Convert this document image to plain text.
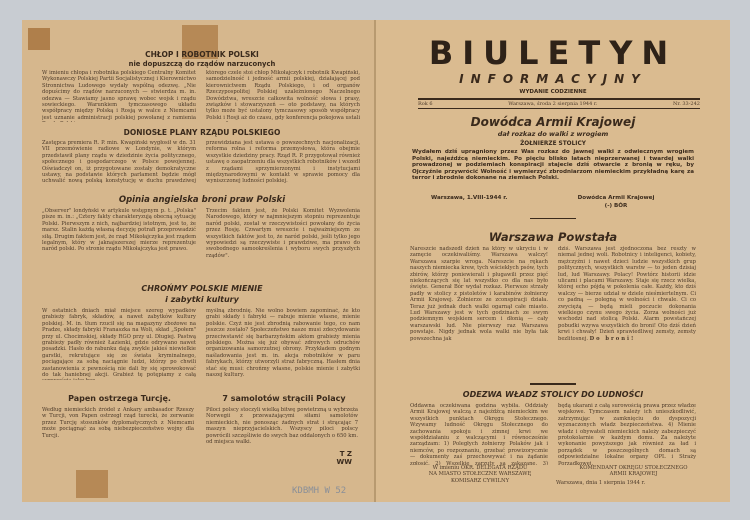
CHŁOP I ROBOTNIK POLSKI
nie dopuszczą do rządów narzuconych
W imieniu chłopa i robotnika polskiego Centralny Komitet Wykonawczy Polskiej Partii Socjalistycznej i Kierownictwo Stronnictwa Ludowego wydały wspólną odezwę. „Nie dopuścimy do rządów narzuconych — stwierdza m. in. odezwa — Stawiamy jasno sprawę wobec wojsk i rządu sowieckiego. Warunkiem tymczasowego układu współpracy między Polską i Rosją w walce z Niemcami jest uznanie administracji polskiej powołanej z ramienia
którego czele stoi chłop Mikołajczyk i robotnik Kwapiński, samodzielność i jedność armii polskiej, działającej pod kierownictwem Rządu Polskiego, i od organów Rzeczypospolitej Polskiej uzależnionego Naczelnego Dowództwa, wreszcie całkowita wolność słowa i prasy, związków i stowarzyszeń — oto podstawy, na których tylko może być ustalony tymczasowy sposób współpracy Polski i Rosji aż do czasu, gdy konferencja pokojowa ustali
DONIOSŁE PLANY RZĄDU POLSKIEGO
Zastępca premiera R. P. min. Kwapiński wygłosił w dn. 31 VII przemówienie radiowe w Londynie, w którym przedstawił plany rządu w dziedzinie życia politycznego, społecznego i gospodarczego w Polsce powojennej. Oświadczył on, iż przygotowane zostały demokratyczne ustawy, na podstawie których parlament będzie mógł uchwalić nową polską konstytucję w duchu prawdziwej
przewidziana jest ustawa o powszechnych nacjonalizacji, reforma rolna i reforma przemysłowa, która obejmie wszystkie dziedziny pracy. Rząd R. P. przygotował również ustawę o zaopatrzeniu dla wszystkich robotników i wszedł z rządami sprzymierzonymi i instytucjami międzynarodowymi w kontakt w sprawie pomocy dla wyniszczonej ludności polskiej.
Opinia angielska broni praw Polski
„Observer" londyński w artykule wstępnym p. t. „Polska" pisze m. in.: „Cztery fakty charakteryzują obecną sytuację Polski. Pierwszym z nich, najbardziej istotnym, jest to, że marsz. Stalin każdą własną decyzję potrafi przeprowadzić siłą. Drugim faktem jest, że rząd Mikołajczyka jest rządem legalnym, który w jaknajszerszej mierze reprezentuje naród polski. Po stronie rządu Mikołajczyka jest prawo.
Trzecim faktem jest, że Polski Komitet Wyzwolenia Narodowego, który w najmniejszym stopniu reprezentuje naród polski, został w rzeczywistości powołany do życia przez Rosję. Czwartym wreszcie i najważniejszym ze wszystkich faktów jest to, że naród polski, jeśli tylko jego wypowiedzi są rzeczywiste i prawdziwe, ma prawo do swobodnego samookreślenia i wyboru swych przyszłych rządów".
CHROŃMY POLSKIE MIENIE
i zabytki kultury
W ostatnich dniach miał miejsce szereg wypadków grabieży fabryk, składów, a nawet zabytków kultury polskiej. M. in. tłum rzucił się na magazyny zbożowe na Pradze, składy fabryki Franaszka na Woli, skład „Społem" przy ul. Chocimskiej, składy RGO przy ul. Długiej. Pastwą grabieży padły również Łazienki, gdzie odrywano nawet posadzki. Hasło do rabunku dają zwykle jakieś niewielkie garstki, rekrutujące się ze świata kryminalnego, pociągające za sobą naciągnie ludzi, którzy po chwili zastanowienia z pewnością nie dali by się sprowokować do tak haniebnej akcji. Grabież tę potępiamy z całą
myślną zbrodnię. Nie wolno bowiem zapominać, że kto grabi składy i fabryki — rabuje mienie własne, mienie polskie. Czyż nie jest zbrodnią rabowanie tego, co nam jeszcze zostało? Społeczeństwo nasze musi zdecydowanie przeciwstawić się barbarzyńskim aktom grabieży mienia polskiego. Można się już obywać zdrowych odruchów organizowania samorzutnej obrony. Przykładem godnym naśladowania jest m. in. akcja robotników w paru fabrykach, którzy utworzyli straż fabryczną. Hasłem dnia stać się musi: chrońmy własne, polskie mienie i zabytki naszej kultury.
Papen ostrzega Turcję.
Według niemieckich źródeł z Ankary ambasador Rzeszy w Turcji, von Papen ostrzegł rząd turecki, że zerwanie przez Turcję stosunków dyplomatycznych z Niemcami może pociągnąć za sobą niebezpieczeństwo wojny dla Turcji.
7 samolotów strącili Polacy
Piloci polscy stoczyli wielką bitwę powietrzną u wybrzeża Norwegii z przeważającymi siłami samolotów niemieckich, nie ponosząc żadnych strat i strącając 7 maszyn nieprzyjacielskich. Wszyscy piloci polscy powrócili szczęśliwie do swych baz oddalonych o 650 km. od miejsca walki.
T Z WW
BIULETYN
INFORMACYJNY
WYDANIE CODZIENNE
Rok 6	Warszawa, środa 2 sierpnia 1944 r.	Nr. 33-242
Dowódca Armii Krajowej
dał rozkaz do walki z wrogiem
ŻOŁNIERZE STOLICY
Wydałem dziś upragniony przez Was rozkaz do jawnej walki z odwiecznym wrogiem Polski, najeźdźcą niemieckim. Po pięciu blisko latach nieprzerwanej i twardej walki prowadzonej w podziemiach konspiracji stajecie dziś otwarcie z bronią w ręku, by Ojczyźnie przywrócić Wolność i wymierzyć zbrodniarzom niemieckim przykładną karę za terror i zbrodnie dokonane na ziemiach Polski.
Warszawa, 1.VIII-1944 r.	Dowódca Armii Krajowej
(-) BÓR
Warszawa Powstała
Nareszcie nadszedł dzień na który w ukryciu i w zamęcie oczekiwaliśmy. Warszawa walczy! Warszawa szarpie wroga. Nareszcie na rękach naszych niemiecka krew, tych wściekłych psów, tych zbirów, którzy poniewierali i plugawili przez pięć niekończących się lat wszystko co dla nas było święte. Generał Bór wydał rozkaz. Pierwsze strzały padły w stolicy z pistoletów i karabinów żołnierzy Armii Krajowej. Żołnierze ze zconspiracji działa. Teraz już jednak duch walki ogarnął całe miasto. Lud Warszawy jest w tych godzinach ze swym podziemnym wojskiem sercem i dłonią — cały warszawski lud. Nie pierwszy raz Warszawa powstaje. Nigdy jednak wola walki nie była tak powszechna jak
dziś. Warszawa jest zjednoczona bez reszty w niemal jednej woli. Robotnicy i inteligenci, kobiety, mężczyźni i nawet dzieci ludzie wszystkich grup politycznych, wszystkich warstw — to jeden dzisiaj lud, lud Warszawy. Polacy! Powtórz historii idzie ulicami i placami Warszawy. Staje się rzecz wielka, której echo pójdą w pokolenia całe. Każdy, kto dziś walczy — bierze udział w dziele nieśmiertelnym. Ci co padną — polegną w wolności i chwale. Ci co zwyciężą — będą mieli poczucie dokonania wielkiego czynu swego życia. Zorza wolności już wschodzi nad stolicą Polski. Alarm powstańczej pobudki wzywa wszystkich do broni! Oto dziś dzień krwi i chwały! Dzień sprawiedliwej zemsty, zemsty bezlitosnej. Do broni!
ODEZWA WŁADZ STOLICY DO LUDNOŚCI
Oddawna oczekiwana godzina wybiła. Oddziały Armii Krajowej walczą z najeźdźcą niemieckim we wszystkich punktach Okręgu Stołecznego. Wzywamy ludność Okręgu Stołecznego do zachowania spokoju i zimnej krwi we współdziałaniu z walczącymi i równocześnie zarządzam: 1) Poległych żołnierzy Polaków jak i niemców, po rozpoznaniu, grzebać prowizorycznie — dokumenty zaś przechowywać i na żądanie zgłosić. 2) Wszelkie zarzuty są zakazane. 3)
będą ukarani z całą surowością prawa przez władze wojskowe. Tymczasem należy ich unieszkodliwić, zatrzymując w zamknięciu do dyspozycji wyznaczonych władz bezpieczeństwa. 4) Mienie władz i obywateli niemieckich należy zabezpieczyć protokolarnie w każdym domu. Za należyte wykonanie powyższego jak również za ład i porządek w poszczególnych domach są odpowiedzialne lokalne organy OPL i Straży Porządkowej.
W imieniu OKR. DELEGATA RZĄDU
NA MIASTO STOŁECZNE WARSZAWĘ
KOMISARZ CYWILNY
KOMENDANT OKRĘGU STOŁECZNEGO
ARMII KRAJOWEJ
Warszawa, dnia 1 sierpnia 1944 r.
KDBMH W 52
